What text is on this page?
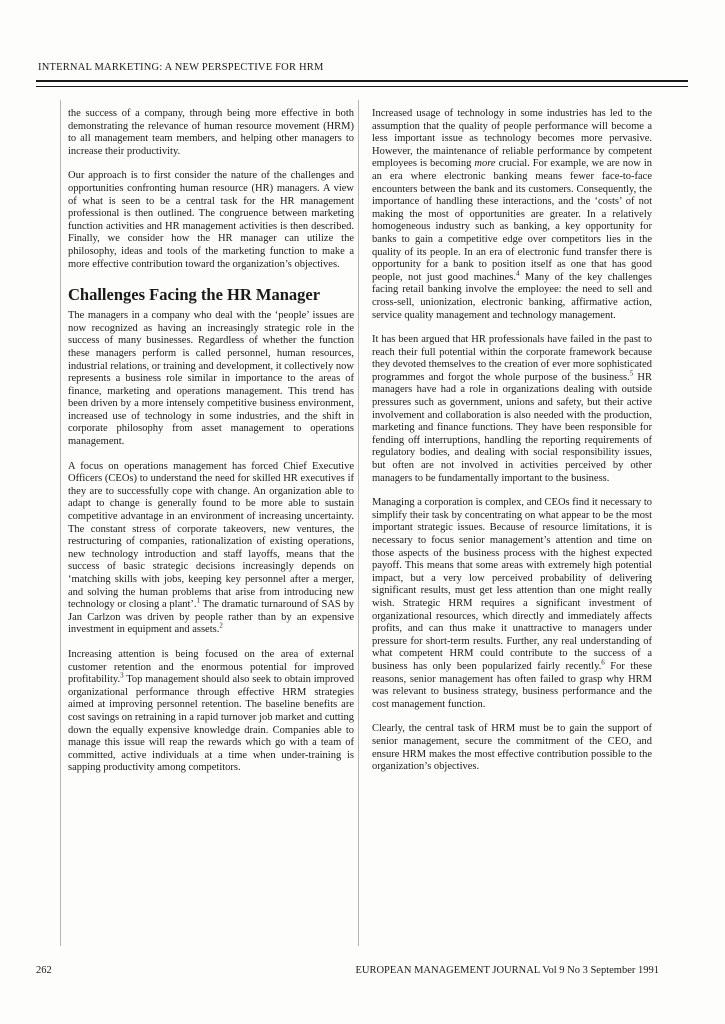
INTERNAL MARKETING: A NEW PERSPECTIVE FOR HRM

the success of a company, through being more effective in both demonstrating the relevance of human resource movement (HRM) to all management team members, and helping other managers to increase their productivity.

Our approach is to first consider the nature of the challenges and opportunities confronting human resource (HR) managers. A view of what is seen to be a central task for the HR management professional is then outlined. The congruence between marketing function activities and HR management activities is then described. Finally, we consider how the HR manager can utilize the philosophy, ideas and tools of the marketing function to make a more effective contribution toward the organization’s objectives.

Challenges Facing the HR Manager

The managers in a company who deal with the ‘people’ issues are now recognized as having an increasingly strategic role in the success of many businesses. Regardless of whether the function these managers perform is called personnel, human resources, industrial relations, or training and development, it collectively now represents a business role similar in importance to the areas of finance, marketing and operations management. This trend has been driven by a more intensely competitive business environment, increased use of technology in some industries, and the shift in corporate philosophy from asset management to operations management.

A focus on operations management has forced Chief Executive Officers (CEOs) to understand the need for skilled HR executives if they are to successfully cope with change. An organization able to adapt to change is generally found to be more able to sustain competitive advantage in an environment of increasing uncertainty. The constant stress of corporate takeovers, new ventures, the restructuring of companies, rationalization of existing operations, new technology introduction and staff layoffs, means that the success of basic strategic decisions increasingly depends on ‘matching skills with jobs, keeping key personnel after a merger, and solving the human problems that arise from introducing new technology or closing a plant’.$^1$ The dramatic turnaround of SAS by Jan Carlzon was driven by people rather than by an expensive investment in equipment and assets.$^2$

Increasing attention is being focused on the area of external customer retention and the enormous potential for improved profitability.$^3$ Top management should also seek to obtain improved organizational performance through effective HRM strategies aimed at improving personnel retention. The baseline benefits are cost savings on retraining in a rapid turnover job market and cutting down the equally expensive knowledge drain. Companies able to manage this issue will reap the rewards which go with a team of committed, active individuals at a time when under-training is sapping productivity among competitors.

Increased usage of technology in some industries has led to the assumption that the quality of people performance will become a less important issue as technology becomes more pervasive. However, the maintenance of reliable performance by competent employees is becoming more crucial. For example, we are now in an era where electronic banking means fewer face-to-face encounters between the bank and its customers. Consequently, the importance of handling these interactions, and the ‘costs’ of not making the most of opportunities are greater. In a relatively homogeneous industry such as banking, a key opportunity for banks to gain a competitive edge over competitors lies in the quality of its people. In an era of electronic fund transfer there is opportunity for a bank to position itself as one that has good people, not just good machines.$^4$ Many of the key challenges facing retail banking involve the employee: the need to sell and cross-sell, unionization, electronic banking, affirmative action, service quality management and technology management.

It has been argued that HR professionals have failed in the past to reach their full potential within the corporate framework because they devoted themselves to the creation of ever more sophisticated programmes and forgot the whole purpose of the business.$^5$ HR managers have had a role in organizations dealing with outside pressures such as government, unions and safety, but their active involvement and collaboration is also needed with the production, marketing and finance functions. They have been responsible for fending off interruptions, handling the reporting requirements of regulatory bodies, and dealing with social responsibility issues, but often are not involved in activities perceived by other managers to be fundamentally important to the business.

Managing a corporation is complex, and CEOs find it necessary to simplify their task by concentrating on what appear to be the most important strategic issues. Because of resource limitations, it is necessary to focus senior management’s attention and time on those aspects of the business process with the highest expected payoff. This means that some areas with extremely high potential impact, but a very low perceived probability of delivering significant results, must get less attention than one might really wish. Strategic HRM requires a significant investment of organizational resources, which directly and immediately affects profits, and can thus make it unattractive to managers under pressure for short-term results. Further, any real understanding of what competent HRM could contribute to the success of a business has only been popularized fairly recently.$^6$ For these reasons, senior management has often failed to grasp why HRM was relevant to business strategy, business performance and the cost management function.

Clearly, the central task of HRM must be to gain the support of senior management, secure the commitment of the CEO, and ensure HRM makes the most effective contribution possible to the organization’s objectives.

262	EUROPEAN MANAGEMENT JOURNAL Vol 9 No 3 September 1991
